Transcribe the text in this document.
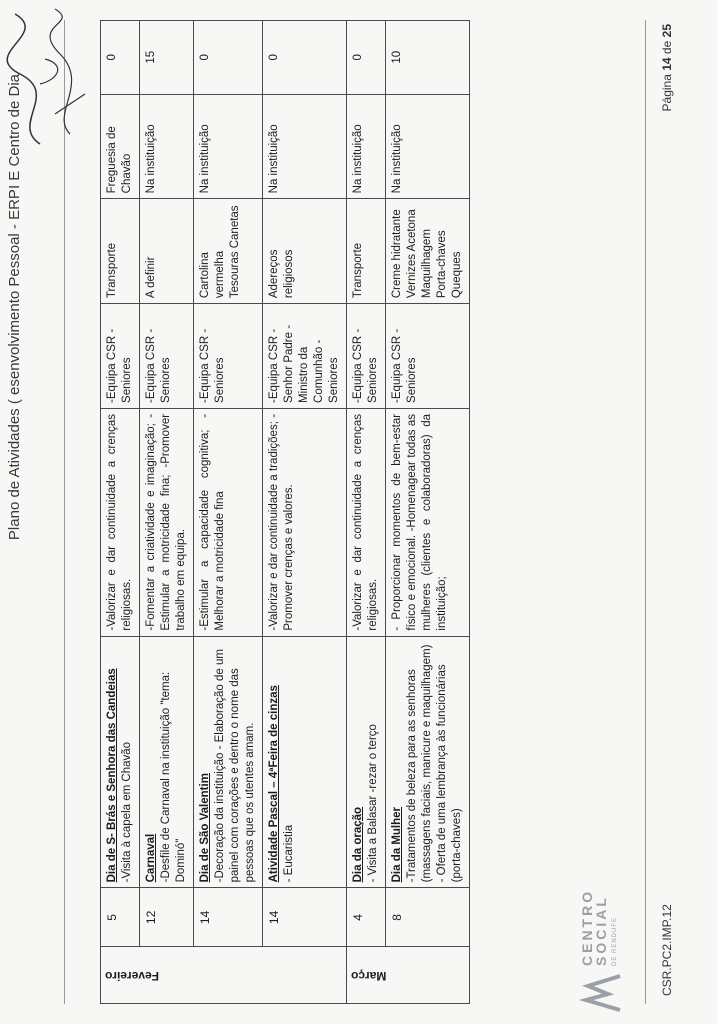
Plano de Atividades ( esenvolvimento Pessoal - ERPI E Centro de Dia
Fevereiro	5	Dia de S- Brás e Senhora das Candeias -Visita à capela em Chavão	-Valorizar e dar continuidade a crenças religiosas.	-Equipa CSR -Seniores	Transporte	Freguesia de Chavão	0
	12	Carnaval -Desfile de Carnaval na instituição "tema: Dominó"	-Fomentar a criatividade e imaginação; -Estimular a motricidade fina; -Promover trabalho em equipa.	-Equipa CSR -Seniores	A definir	Na instituição	15
	14	Dia de São Valentim -Decoração da instituição - Elaboração de um painel com corações e dentro o nome das pessoas que os utentes amam.	-Estimular a capacidade cognitiva; -Melhorar a motricidade fina	-Equipa CSR -Seniores	Cartolina vermelha Tesouras Canetas	Na instituição	0
	14	Atividade Pascal – 4ªFeira de cinzas - Eucaristia	-Valorizar e dar continuidade a tradições; -Promover crenças e valores.	-Equipa CSR -Senhor Padre -Ministro da Comunhão -Seniores	Adereços religiosos	Na instituição	0

Março	4	Dia da oração - Visita a Balasar -rezar o terço	-Valorizar e dar continuidade a crenças religiosas.	-Equipa CSR -Seniores	Transporte	Na instituição	0
	8	Dia da Mulher -Tratamentos de beleza para as senhoras (massagens faciais, manicure e maquilhagem) - Oferta de uma lembrança às funcionárias (porta-chaves)	- Proporcionar momentos de bem-estar físico e emocional. -Homenagear todas as mulheres (clientes e colaboradoras) da instituição;	-Equipa CSR -Seniores	Creme hidratante Vernizes Acetona Maquilhagem Porta-chaves Queques	Na instituição	10
CENTRO
SOCIAL DE RENDUFE	CSR.PC2.IMP.12
Página 14 de 25
